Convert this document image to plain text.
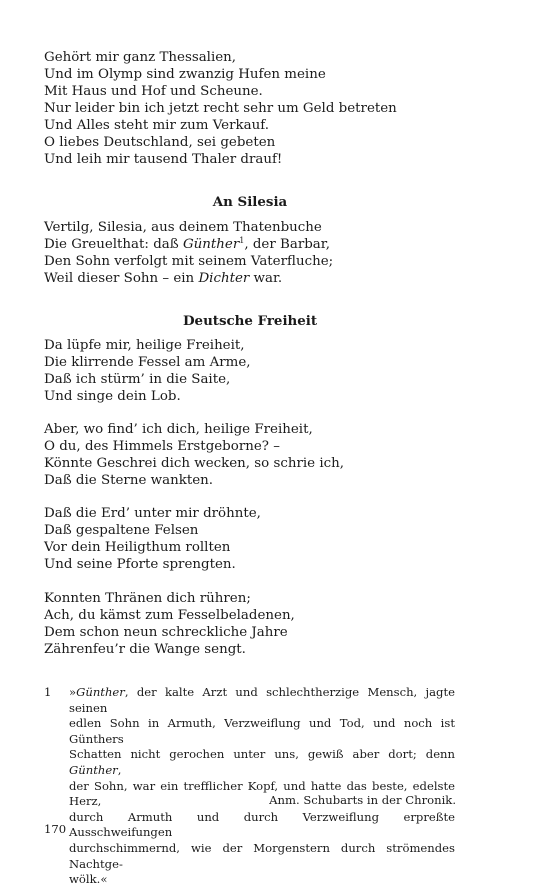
Gehört mir ganz Thessalien,
Und im Olymp sind zwanzig Hufen meine
Mit Haus und Hof und Scheune.
Nur leider bin ich jetzt recht sehr um Geld betreten
Und Alles steht mir zum Verkauf.
O liebes Deutschland, sei gebeten
Und leih mir tausend Thaler drauf!
An Silesia
Vertilg, Silesia, aus deinem Thatenbuche
Die Greuelthat: daß Günther$^1$, der Barbar,
Den Sohn verfolgt mit seinem Vaterfluche;
Weil dieser Sohn – ein Dichter war.
Deutsche Freiheit
Da lüpfe mir, heilige Freiheit,
Die klirrende Fessel am Arme,
Daß ich stürm’ in die Saite,
Und singe dein Lob.
Aber, wo find’ ich dich, heilige Freiheit,
O du, des Himmels Erstgeborne? –
Könnte Geschrei dich wecken, so schrie ich,
Daß die Sterne wankten.
Daß die Erd’ unter mir dröhnte,
Daß gespaltene Felsen
Vor dein Heiligthum rollten
Und seine Pforte sprengten.
Konnten Thränen dich rühren;
Ach, du kämst zum Fesselbeladenen,
Dem schon neun schreckliche Jahre
Zährenfeu’r die Wange sengt.
1 »Günther, der kalte Arzt und schlechtherzige Mensch, jagte seinen
edlen Sohn in Armuth, Verzweiflung und Tod, und noch ist Günthers
Schatten nicht gerochen unter uns, gewiß aber dort; denn Günther,
der Sohn, war ein trefflicher Kopf, und hatte das beste, edelste Herz,
durch Armuth und durch Verzweiflung erpreßte Ausschweifungen
durchschimmernd, wie der Morgenstern durch strömendes Nachtge-
wölk.«
Anm. Schubarts in der Chronik.
170
